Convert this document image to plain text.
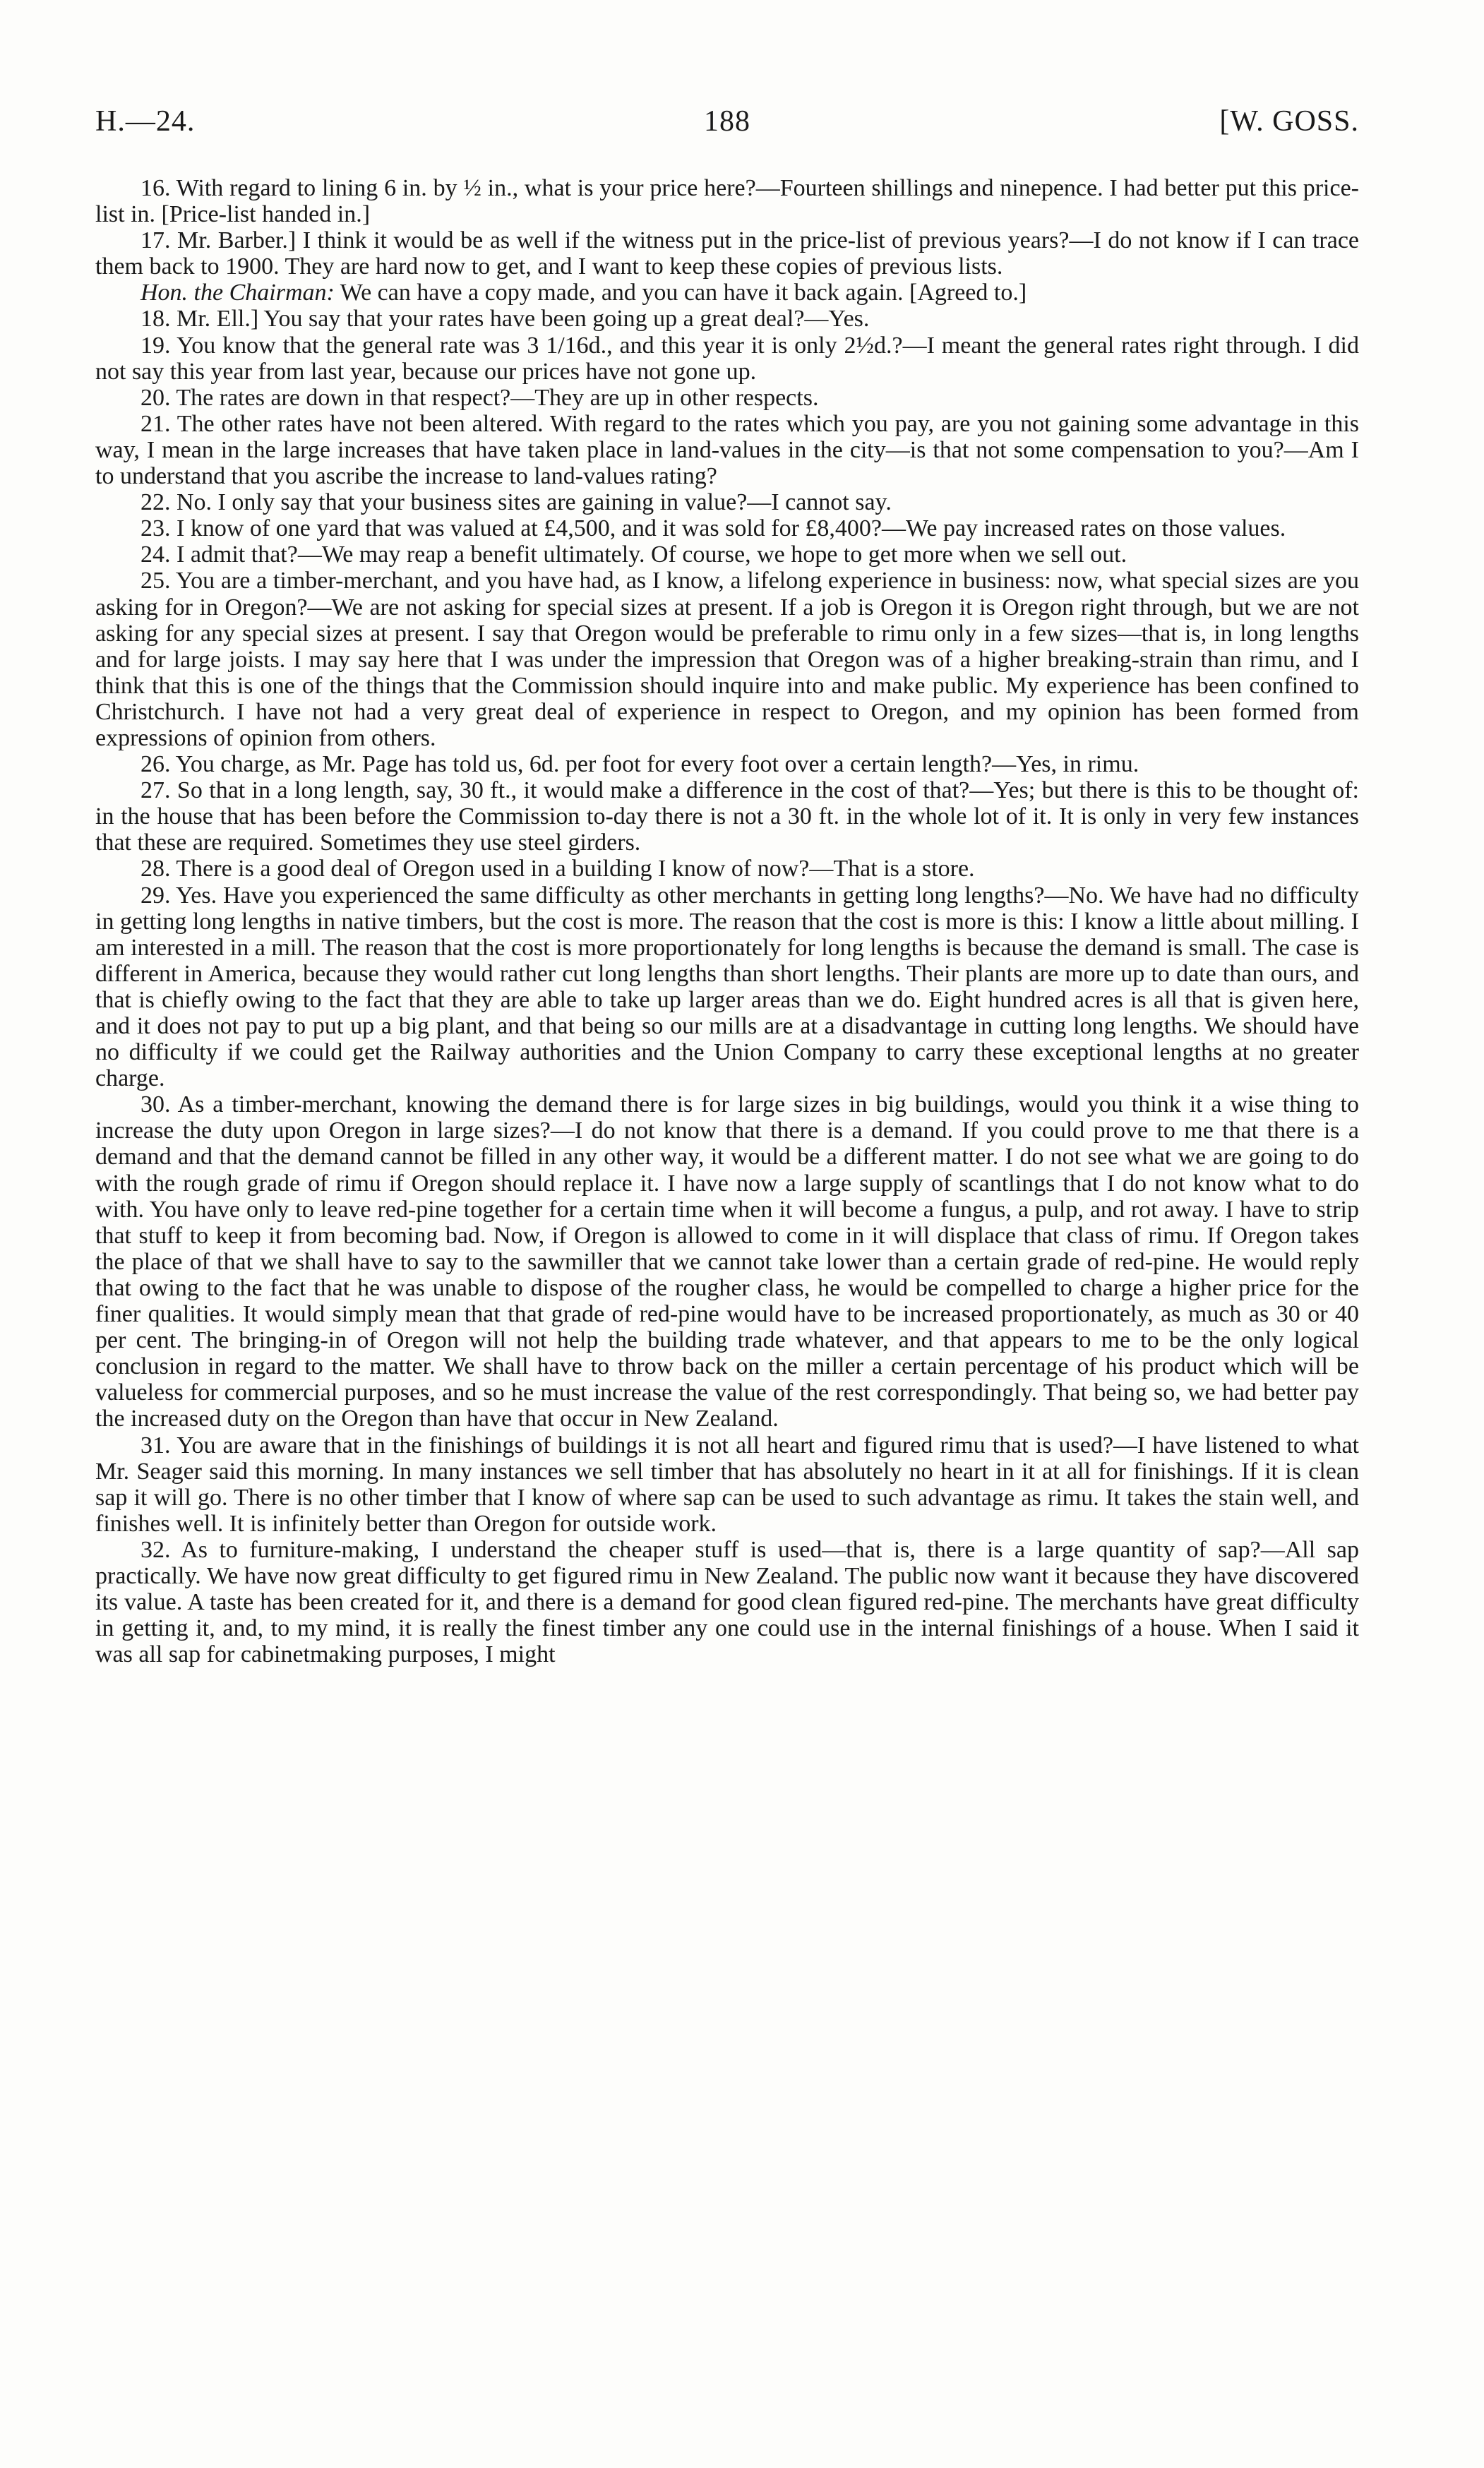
H.—24.	188	[W. GOSS.

16. With regard to lining 6 in. by ½ in., what is your price here?—Fourteen shillings and ninepence. I had better put this price-list in. [Price-list handed in.]

17. Mr. Barber.] I think it would be as well if the witness put in the price-list of previous years?—I do not know if I can trace them back to 1900. They are hard now to get, and I want to keep these copies of previous lists.

Hon. the Chairman: We can have a copy made, and you can have it back again. [Agreed to.]

18. Mr. Ell.] You say that your rates have been going up a great deal?—Yes.

19. You know that the general rate was 3 1/16d., and this year it is only 2½d.?—I meant the general rates right through. I did not say this year from last year, because our prices have not gone up.

20. The rates are down in that respect?—They are up in other respects.

21. The other rates have not been altered. With regard to the rates which you pay, are you not gaining some advantage in this way, I mean in the large increases that have taken place in land-values in the city—is that not some compensation to you?—Am I to understand that you ascribe the increase to land-values rating?

22. No. I only say that your business sites are gaining in value?—I cannot say.

23. I know of one yard that was valued at £4,500, and it was sold for £8,400?—We pay increased rates on those values.

24. I admit that?—We may reap a benefit ultimately. Of course, we hope to get more when we sell out.

25. You are a timber-merchant, and you have had, as I know, a lifelong experience in business: now, what special sizes are you asking for in Oregon?—We are not asking for special sizes at present. If a job is Oregon it is Oregon right through, but we are not asking for any special sizes at present. I say that Oregon would be preferable to rimu only in a few sizes—that is, in long lengths and for large joists. I may say here that I was under the impression that Oregon was of a higher breaking-strain than rimu, and I think that this is one of the things that the Commission should inquire into and make public. My experience has been confined to Christchurch. I have not had a very great deal of experience in respect to Oregon, and my opinion has been formed from expressions of opinion from others.

26. You charge, as Mr. Page has told us, 6d. per foot for every foot over a certain length?—Yes, in rimu.

27. So that in a long length, say, 30 ft., it would make a difference in the cost of that?—Yes; but there is this to be thought of: in the house that has been before the Commission to-day there is not a 30 ft. in the whole lot of it. It is only in very few instances that these are required. Sometimes they use steel girders.

28. There is a good deal of Oregon used in a building I know of now?—That is a store.

29. Yes. Have you experienced the same difficulty as other merchants in getting long lengths?—No. We have had no difficulty in getting long lengths in native timbers, but the cost is more. The reason that the cost is more is this: I know a little about milling. I am interested in a mill. The reason that the cost is more proportionately for long lengths is because the demand is small. The case is different in America, because they would rather cut long lengths than short lengths. Their plants are more up to date than ours, and that is chiefly owing to the fact that they are able to take up larger areas than we do. Eight hundred acres is all that is given here, and it does not pay to put up a big plant, and that being so our mills are at a disadvantage in cutting long lengths. We should have no difficulty if we could get the Railway authorities and the Union Company to carry these exceptional lengths at no greater charge.

30. As a timber-merchant, knowing the demand there is for large sizes in big buildings, would you think it a wise thing to increase the duty upon Oregon in large sizes?—I do not know that there is a demand. If you could prove to me that there is a demand and that the demand cannot be filled in any other way, it would be a different matter. I do not see what we are going to do with the rough grade of rimu if Oregon should replace it. I have now a large supply of scantlings that I do not know what to do with. You have only to leave red-pine together for a certain time when it will become a fungus, a pulp, and rot away. I have to strip that stuff to keep it from becoming bad. Now, if Oregon is allowed to come in it will displace that class of rimu. If Oregon takes the place of that we shall have to say to the sawmiller that we cannot take lower than a certain grade of red-pine. He would reply that owing to the fact that he was unable to dispose of the rougher class, he would be compelled to charge a higher price for the finer qualities. It would simply mean that that grade of red-pine would have to be increased proportionately, as much as 30 or 40 per cent. The bringing-in of Oregon will not help the building trade whatever, and that appears to me to be the only logical conclusion in regard to the matter. We shall have to throw back on the miller a certain percentage of his product which will be valueless for commercial purposes, and so he must increase the value of the rest correspondingly. That being so, we had better pay the increased duty on the Oregon than have that occur in New Zealand.

31. You are aware that in the finishings of buildings it is not all heart and figured rimu that is used?—I have listened to what Mr. Seager said this morning. In many instances we sell timber that has absolutely no heart in it at all for finishings. If it is clean sap it will go. There is no other timber that I know of where sap can be used to such advantage as rimu. It takes the stain well, and finishes well. It is infinitely better than Oregon for outside work.

32. As to furniture-making, I understand the cheaper stuff is used—that is, there is a large quantity of sap?—All sap practically. We have now great difficulty to get figured rimu in New Zealand. The public now want it because they have discovered its value. A taste has been created for it, and there is a demand for good clean figured red-pine. The merchants have great difficulty in getting it, and, to my mind, it is really the finest timber any one could use in the internal finishings of a house. When I said it was all sap for cabinetmaking purposes, I might
